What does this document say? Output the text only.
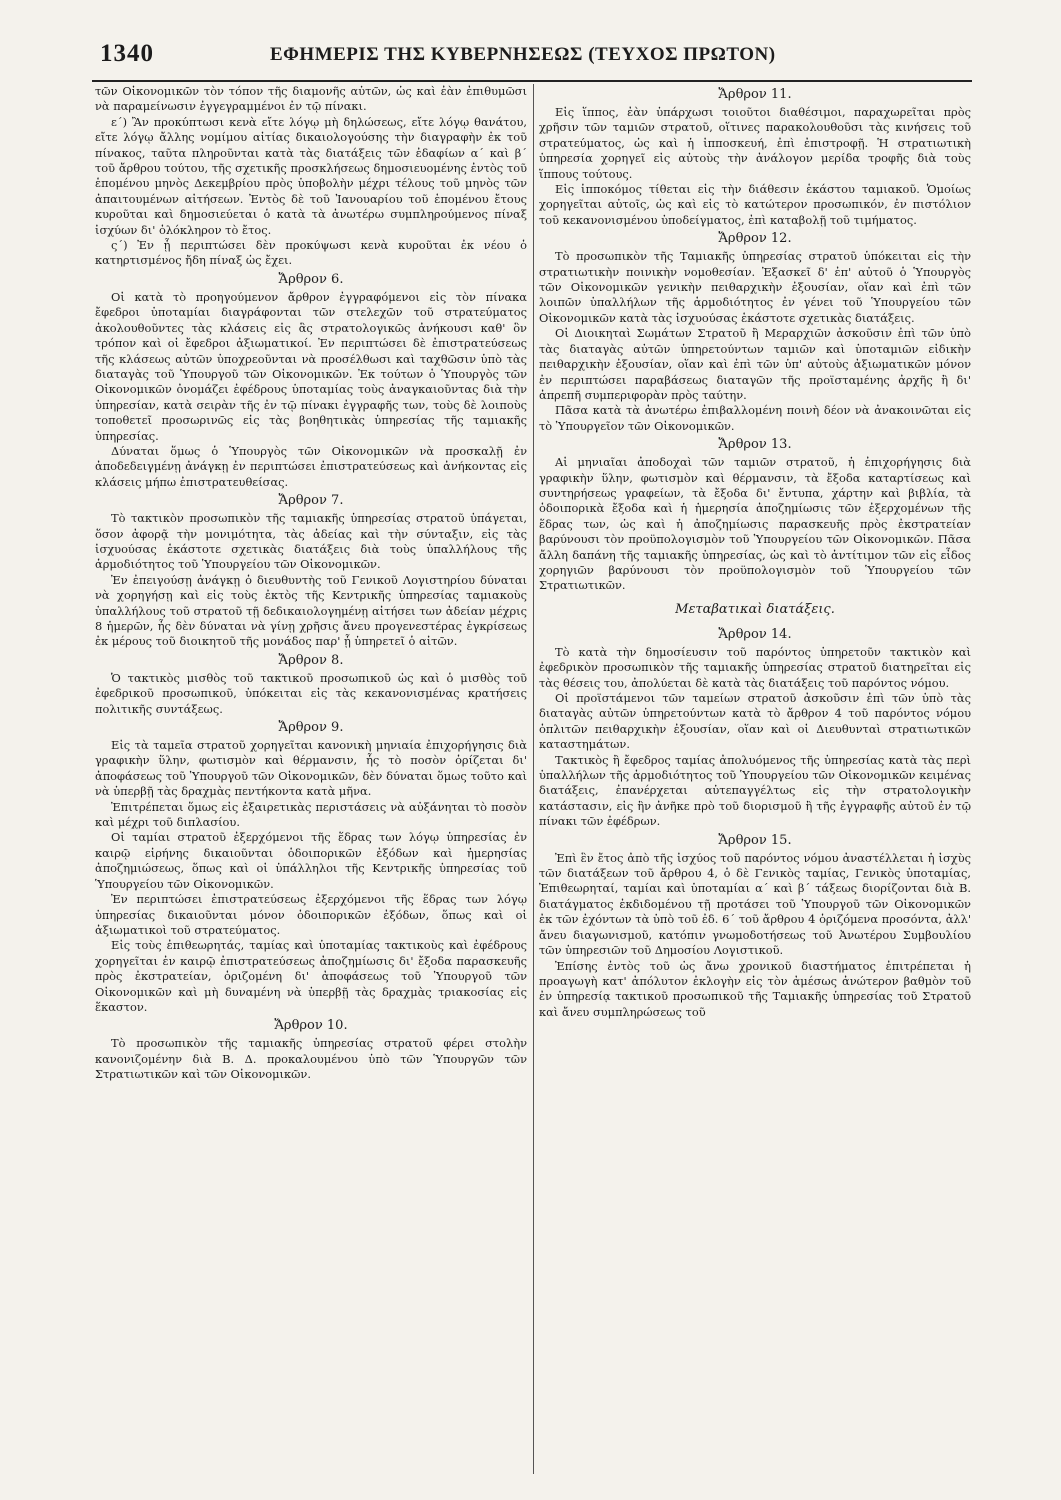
1340	ΕΦΗΜΕΡΙΣ ΤΗΣ ΚΥΒΕΡΝΗΣΕΩΣ (ΤΕΥΧΟΣ ΠΡΩΤΟΝ)

τῶν Οἰκονομικῶν τὸν τόπον τῆς διαμονῆς αὐτῶν, ὡς καὶ ἐὰν ἐπιθυμῶσι νὰ παραμείνωσιν ἐγγεγραμμένοι ἐν τῷ πίνακι.

ε΄) Ἂν προκύπτωσι κενὰ εἴτε λόγῳ μὴ δηλώσεως, εἴτε λόγῳ θανάτου, εἴτε λόγῳ ἄλλης νομίμου αἰτίας δικαιολογούσης τὴν διαγραφὴν ἐκ τοῦ πίνακος, ταῦτα πληροῦνται κατὰ τὰς διατάξεις τῶν ἐδαφίων α΄ καὶ β΄ τοῦ ἄρθρου τούτου, τῆς σχετικῆς προσκλήσεως δημοσιευομένης ἐντὸς τοῦ ἑπομένου μηνὸς Δεκεμβρίου πρὸς ὑποβολὴν μέχρι τέλους τοῦ μηνὸς τῶν ἀπαιτουμένων αἰτήσεων. Ἐντὸς δὲ τοῦ Ἰανουαρίου τοῦ ἑπομένου ἔτους κυροῦται καὶ δημοσιεύεται ὁ κατὰ τὰ ἀνωτέρω συμπληρούμενος πίναξ ἰσχύων δι' ὁλόκληρον τὸ ἔτος.

ς΄) Ἐν ᾗ περιπτώσει δὲν προκύψωσι κενὰ κυροῦται ἐκ νέου ὁ κατηρτισμένος ἤδη πίναξ ὡς ἔχει.

Ἄρθρον 6.

Οἱ κατὰ τὸ προηγούμενον ἄρθρον ἐγγραφόμενοι εἰς τὸν πίνακα ἔφεδροι ὑποταμίαι διαγράφονται τῶν στελεχῶν τοῦ στρατεύματος ἀκολουθοῦντες τὰς κλάσεις εἰς ἃς στρατολογικῶς ἀνήκουσι καθ' ὃν τρόπον καὶ οἱ ἔφεδροι ἀξιωματικοί. Ἐν περιπτώσει δὲ ἐπιστρατεύσεως τῆς κλάσεως αὐτῶν ὑποχρεοῦνται νὰ προσέλθωσι καὶ ταχθῶσιν ὑπὸ τὰς διαταγὰς τοῦ Ὑπουργοῦ τῶν Οἰκονομικῶν. Ἐκ τούτων ὁ Ὑπουργὸς τῶν Οἰκονομικῶν ὀνομάζει ἐφέδρους ὑποταμίας τοὺς ἀναγκαιοῦντας διὰ τὴν ὑπηρεσίαν, κατὰ σειρὰν τῆς ἐν τῷ πίνακι ἐγγραφῆς των, τοὺς δὲ λοιποὺς τοποθετεῖ προσωρινῶς εἰς τὰς βοηθητικὰς ὑπηρεσίας τῆς ταμιακῆς ὑπηρεσίας.

Δύναται ὅμως ὁ Ὑπουργὸς τῶν Οἰκονομικῶν νὰ προσκαλῇ ἐν ἀποδεδειγμένῃ ἀνάγκῃ ἐν περιπτώσει ἐπιστρατεύσεως καὶ ἀνήκοντας εἰς κλάσεις μήπω ἐπιστρατευθείσας.

Ἄρθρον 7.

Τὸ τακτικὸν προσωπικὸν τῆς ταμιακῆς ὑπηρεσίας στρατοῦ ὑπάγεται, ὅσον ἀφορᾷ τὴν μονιμότητα, τὰς ἀδείας καὶ τὴν σύνταξιν, εἰς τὰς ἰσχυούσας ἑκάστοτε σχετικὰς διατάξεις διὰ τοὺς ὑπαλλήλους τῆς ἁρμοδιότητος τοῦ Ὑπουργείου τῶν Οἰκονομικῶν.

Ἐν ἐπειγούσῃ ἀνάγκῃ ὁ διευθυντὴς τοῦ Γενικοῦ Λογιστηρίου δύναται νὰ χορηγήσῃ καὶ εἰς τοὺς ἐκτὸς τῆς Κεντρικῆς ὑπηρεσίας ταμιακοὺς ὑπαλλήλους τοῦ στρατοῦ τῇ δεδικαιολογημένῃ αἰτήσει των ἀδείαν μέχρις 8 ἡμερῶν, ἧς δὲν δύναται νὰ γίνῃ χρῆσις ἄνευ προγενεστέρας ἐγκρίσεως ἐκ μέρους τοῦ διοικητοῦ τῆς μονάδος παρ' ᾗ ὑπηρετεῖ ὁ αἰτῶν.

Ἄρθρον 8.

Ὁ τακτικὸς μισθὸς τοῦ τακτικοῦ προσωπικοῦ ὡς καὶ ὁ μισθὸς τοῦ ἐφεδρικοῦ προσωπικοῦ, ὑπόκειται εἰς τὰς κεκανονισμένας κρατήσεις πολιτικῆς συντάξεως.

Ἄρθρον 9.

Εἰς τὰ ταμεῖα στρατοῦ χορηγεῖται κανονικὴ μηνιαία ἐπιχορήγησις διὰ γραφικὴν ὕλην, φωτισμὸν καὶ θέρμανσιν, ἧς τὸ ποσὸν ὁρίζεται δι' ἀποφάσεως τοῦ Ὑπουργοῦ τῶν Οἰκονομικῶν, δὲν δύναται ὅμως τοῦτο καὶ νὰ ὑπερβῇ τὰς δραχμὰς πεντήκοντα κατὰ μῆνα.

Ἐπιτρέπεται ὅμως εἰς ἐξαιρετικὰς περιστάσεις νὰ αὐξάνηται τὸ ποσὸν καὶ μέχρι τοῦ διπλασίου.

Οἱ ταμίαι στρατοῦ ἐξερχόμενοι τῆς ἕδρας των λόγῳ ὑπηρεσίας ἐν καιρῷ εἰρήνης δικαιοῦνται ὁδοιπορικῶν ἐξόδων καὶ ἡμερησίας ἀποζημιώσεως, ὅπως καὶ οἱ ὑπάλληλοι τῆς Κεντρικῆς ὑπηρεσίας τοῦ Ὑπουργείου τῶν Οἰκονομικῶν.

Ἐν περιπτώσει ἐπιστρατεύσεως ἐξερχόμενοι τῆς ἕδρας των λόγῳ ὑπηρεσίας δικαιοῦνται μόνον ὁδοιπορικῶν ἐξόδων, ὅπως καὶ οἱ ἀξιωματικοὶ τοῦ στρατεύματος.

Εἰς τοὺς ἐπιθεωρητάς, ταμίας καὶ ὑποταμίας τακτικοὺς καὶ ἐφέδρους χορηγεῖται ἐν καιρῷ ἐπιστρατεύσεως ἀποζημίωσις δι' ἔξοδα παρασκευῆς πρὸς ἐκστρατείαν, ὁριζομένη δι' ἀποφάσεως τοῦ Ὑπουργοῦ τῶν Οἰκονομικῶν καὶ μὴ δυναμένη νὰ ὑπερβῇ τὰς δραχμὰς τριακοσίας εἰς ἕκαστον.

Ἄρθρον 10.

Τὸ προσωπικὸν τῆς ταμιακῆς ὑπηρεσίας στρατοῦ φέρει στολὴν κανονιζομένην διὰ Β. Δ. προκαλουμένου ὑπὸ τῶν Ὑπουργῶν τῶν Στρατιωτικῶν καὶ τῶν Οἰκονομικῶν.

Ἄρθρον 11.

Εἰς ἵππος, ἐὰν ὑπάρχωσι τοιοῦτοι διαθέσιμοι, παραχωρεῖται πρὸς χρῆσιν τῶν ταμιῶν στρατοῦ, οἵτινες παρακολουθοῦσι τὰς κινήσεις τοῦ στρατεύματος, ὡς καὶ ἡ ἱπποσκευή, ἐπὶ ἐπιστροφῇ. Ἡ στρατιωτικὴ ὑπηρεσία χορηγεῖ εἰς αὐτοὺς τὴν ἀνάλογον μερίδα τροφῆς διὰ τοὺς ἵππους τούτους.

Εἰς ἱπποκόμος τίθεται εἰς τὴν διάθεσιν ἑκάστου ταμιακοῦ. Ὁμοίως χορηγεῖται αὐτοῖς, ὡς καὶ εἰς τὸ κατώτερον προσωπικόν, ἐν πιστόλιον τοῦ κεκανονισμένου ὑποδείγματος, ἐπὶ καταβολῇ τοῦ τιμήματος.

Ἄρθρον 12.

Τὸ προσωπικὸν τῆς Ταμιακῆς ὑπηρεσίας στρατοῦ ὑπόκειται εἰς τὴν στρατιωτικὴν ποινικὴν νομοθεσίαν. Ἐξασκεῖ δ' ἐπ' αὐτοῦ ὁ Ὑπουργὸς τῶν Οἰκονομικῶν γενικὴν πειθαρχικὴν ἐξουσίαν, οἵαν καὶ ἐπὶ τῶν λοιπῶν ὑπαλλήλων τῆς ἁρμοδιότητος ἐν γένει τοῦ Ὑπουργείου τῶν Οἰκονομικῶν κατὰ τὰς ἰσχυούσας ἑκάστοτε σχετικὰς διατάξεις.

Οἱ Διοικηταὶ Σωμάτων Στρατοῦ ἢ Μεραρχιῶν ἀσκοῦσιν ἐπὶ τῶν ὑπὸ τὰς διαταγὰς αὐτῶν ὑπηρετούντων ταμιῶν καὶ ὑποταμιῶν εἰδικὴν πειθαρχικὴν ἐξουσίαν, οἵαν καὶ ἐπὶ τῶν ὑπ' αὐτοὺς ἀξιωματικῶν μόνον ἐν περιπτώσει παραβάσεως διαταγῶν τῆς προϊσταμένης ἀρχῆς ἢ δι' ἀπρεπῆ συμπεριφορὰν πρὸς ταύτην.

Πᾶσα κατὰ τὰ ἀνωτέρω ἐπιβαλλομένη ποινὴ δέον νὰ ἀνακοινῶται εἰς τὸ Ὑπουργεῖον τῶν Οἰκονομικῶν.

Ἄρθρον 13.

Αἱ μηνιαῖαι ἀποδοχαὶ τῶν ταμιῶν στρατοῦ, ἡ ἐπιχορήγησις διὰ γραφικὴν ὕλην, φωτισμὸν καὶ θέρμανσιν, τὰ ἔξοδα καταρτίσεως καὶ συντηρήσεως γραφείων, τὰ ἔξοδα δι' ἔντυπα, χάρτην καὶ βιβλία, τὰ ὁδοιπορικὰ ἔξοδα καὶ ἡ ἡμερησία ἀποζημίωσις τῶν ἐξερχομένων τῆς ἕδρας των, ὡς καὶ ἡ ἀποζημίωσις παρασκευῆς πρὸς ἐκστρατείαν βαρύνουσι τὸν προϋπολογισμὸν τοῦ Ὑπουργείου τῶν Οἰκονομικῶν. Πᾶσα ἄλλη δαπάνη τῆς ταμιακῆς ὑπηρεσίας, ὡς καὶ τὸ ἀντίτιμον τῶν εἰς εἶδος χορηγιῶν βαρύνουσι τὸν προϋπολογισμὸν τοῦ Ὑπουργείου τῶν Στρατιωτικῶν.

Μεταβατικαὶ διατάξεις.
Ἄρθρον 14.

Τὸ κατὰ τὴν δημοσίευσιν τοῦ παρόντος ὑπηρετοῦν τακτικὸν καὶ ἐφεδρικὸν προσωπικὸν τῆς ταμιακῆς ὑπηρεσίας στρατοῦ διατηρεῖται εἰς τὰς θέσεις του, ἀπολύεται δὲ κατὰ τὰς διατάξεις τοῦ παρόντος νόμου.

Οἱ προϊστάμενοι τῶν ταμείων στρατοῦ ἀσκοῦσιν ἐπὶ τῶν ὑπὸ τὰς διαταγὰς αὐτῶν ὑπηρετούντων κατὰ τὸ ἄρθρον 4 τοῦ παρόντος νόμου ὁπλιτῶν πειθαρχικὴν ἐξουσίαν, οἵαν καὶ οἱ Διευθυνταὶ στρατιωτικῶν καταστημάτων.

Τακτικὸς ἢ ἔφεδρος ταμίας ἀπολυόμενος τῆς ὑπηρεσίας κατὰ τὰς περὶ ὑπαλλήλων τῆς ἁρμοδιότητος τοῦ Ὑπουργείου τῶν Οἰκονομικῶν κειμένας διατάξεις, ἐπανέρχεται αὐτεπαγγέλτως εἰς τὴν στρατολογικὴν κατάστασιν, εἰς ἣν ἀνῆκε πρὸ τοῦ διορισμοῦ ἢ τῆς ἐγγραφῆς αὐτοῦ ἐν τῷ πίνακι τῶν ἐφέδρων.

Ἄρθρον 15.

Ἐπὶ ἓν ἔτος ἀπὸ τῆς ἰσχύος τοῦ παρόντος νόμου ἀναστέλλεται ἡ ἰσχὺς τῶν διατάξεων τοῦ ἄρθρου 4, ὁ δὲ Γενικὸς ταμίας, Γενικὸς ὑποταμίας, Ἐπιθεωρηταί, ταμίαι καὶ ὑποταμίαι α΄ καὶ β΄ τάξεως διορίζονται διὰ Β. διατάγματος ἐκδιδομένου τῇ προτάσει τοῦ Ὑπουργοῦ τῶν Οἰκονομικῶν ἐκ τῶν ἐχόντων τὰ ὑπὸ τοῦ ἐδ. 6΄ τοῦ ἄρθρου 4 ὁριζόμενα προσόντα, ἀλλ' ἄνευ διαγωνισμοῦ, κατόπιν γνωμοδοτήσεως τοῦ Ἀνωτέρου Συμβουλίου τῶν ὑπηρεσιῶν τοῦ Δημοσίου Λογιστικοῦ.

Ἐπίσης ἐντὸς τοῦ ὡς ἄνω χρονικοῦ διαστήματος ἐπιτρέπεται ἡ προαγωγὴ κατ' ἀπόλυτον ἐκλογὴν εἰς τὸν ἀμέσως ἀνώτερον βαθμὸν τοῦ ἐν ὑπηρεσίᾳ τακτικοῦ προσωπικοῦ τῆς Ταμιακῆς ὑπηρεσίας τοῦ Στρατοῦ καὶ ἄνευ συμπληρώσεως τοῦ
